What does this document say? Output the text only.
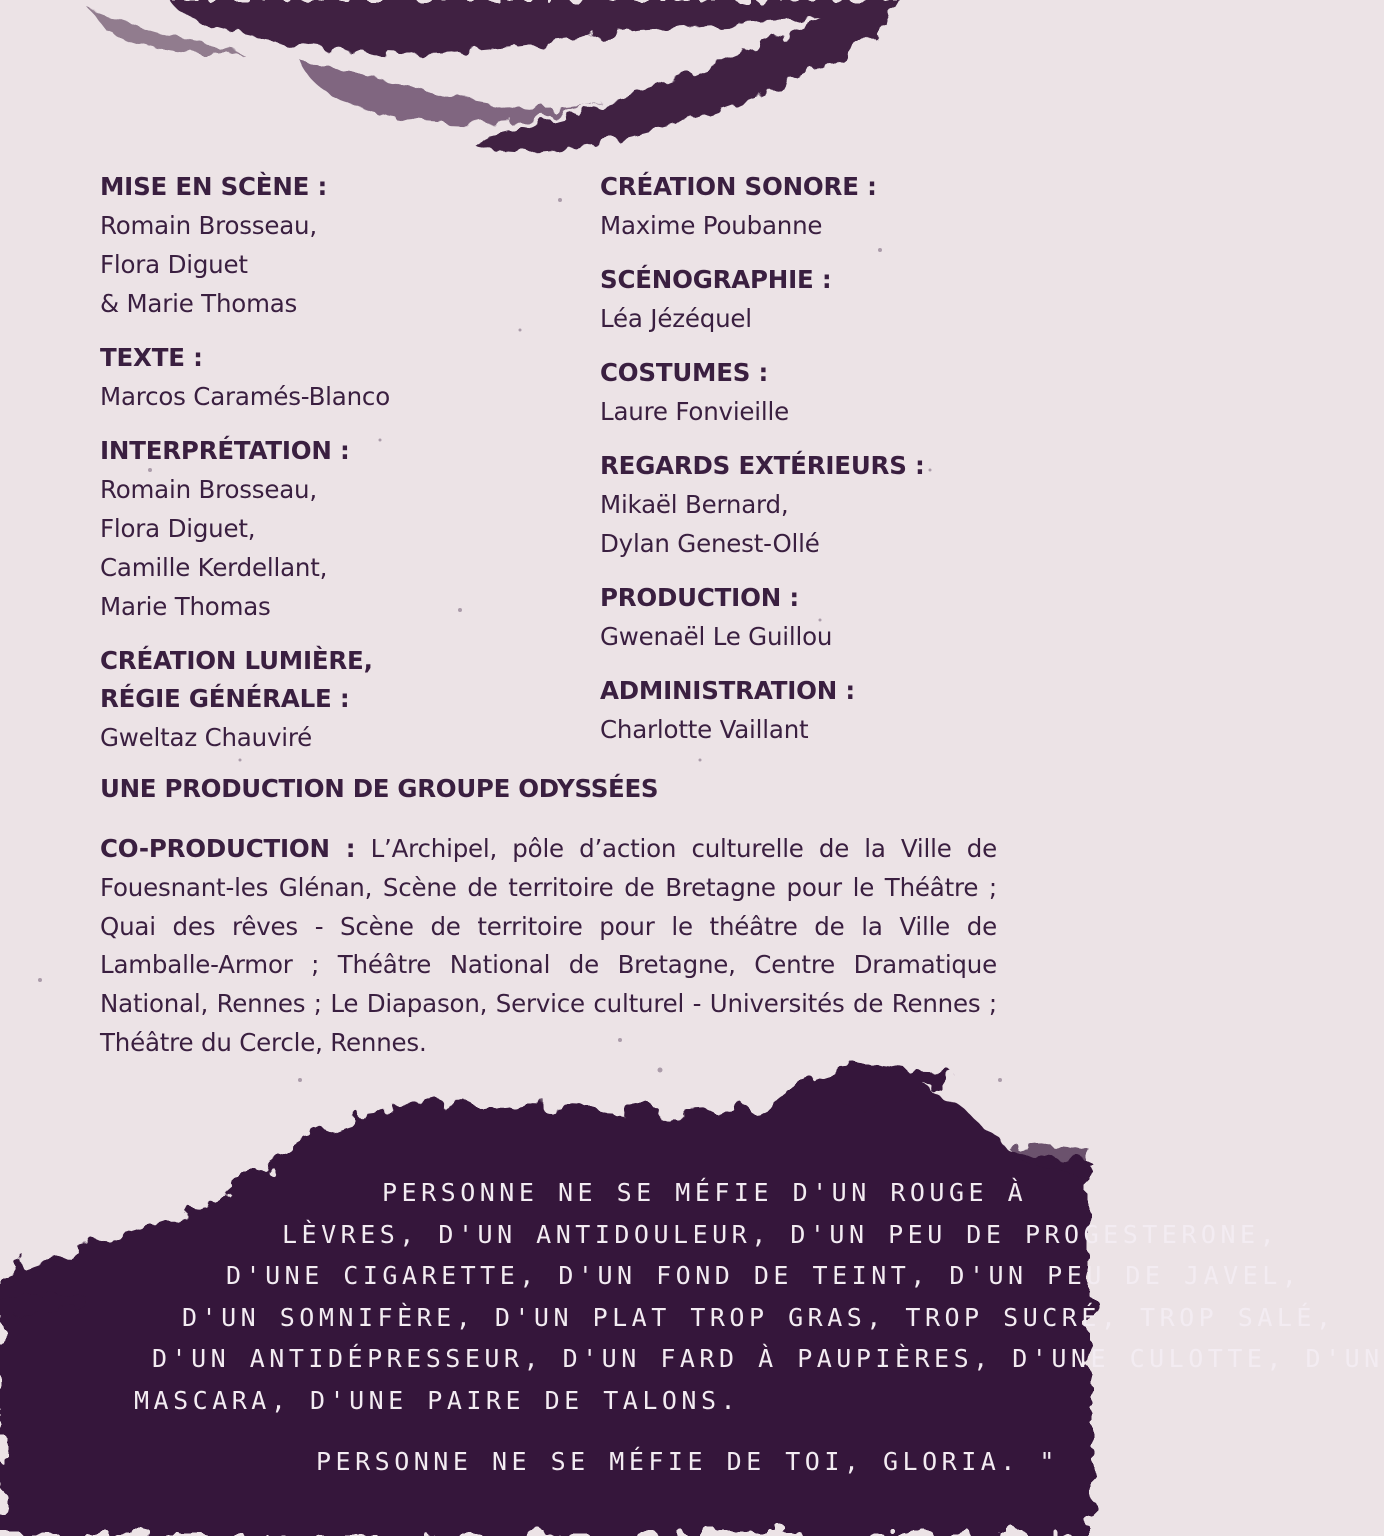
MISE EN SCÈNE :
Romain Brosseau,
Flora Diguet
& Marie Thomas
TEXTE :
Marcos Caramés-Blanco
INTERPRÉTATION :
Romain Brosseau,
Flora Diguet,
Camille Kerdellant,
Marie Thomas
CRÉATION LUMIÈRE,
RÉGIE GÉNÉRALE :
Gweltaz Chauviré
CRÉATION SONORE :
Maxime Poubanne
SCÉNOGRAPHIE :
Léa Jézéquel
COSTUMES :
Laure Fonvieille
REGARDS EXTÉRIEURS :
Mikaël Bernard,
Dylan Genest-Ollé
PRODUCTION :
Gwenaël Le Guillou
ADMINISTRATION :
Charlotte Vaillant
UNE PRODUCTION DE GROUPE ODYSSÉES
CO-PRODUCTION : L’Archipel, pôle d’action culturelle de la Ville de Fouesnant-les Glénan, Scène de territoire de Bretagne pour le Théâtre ; Quai des rêves - Scène de territoire pour le théâtre de la Ville de Lamballe-Armor ; Théâtre National de Bretagne, Centre Dramatique National, Rennes ; Le Diapason, Service culturel - Universités de Rennes ; Théâtre du Cercle, Rennes.
PERSONNE NE SE MÉFIE D'UN ROUGE À
LÈVRES, D'UN ANTIDOULEUR, D'UN PEU DE PROGESTERONE,
D'UNE CIGARETTE, D'UN FOND DE TEINT, D'UN PEU DE JAVEL,
D'UN SOMNIFÈRE, D'UN PLAT TROP GRAS, TROP SUCRÉ, TROP SALÉ,
D'UN ANTIDÉPRESSEUR, D'UN FARD À PAUPIÈRES, D'UNE CULOTTE, D'UN
MASCARA, D'UNE PAIRE DE TALONS.
PERSONNE NE SE MÉFIE DE TOI, GLORIA. "
